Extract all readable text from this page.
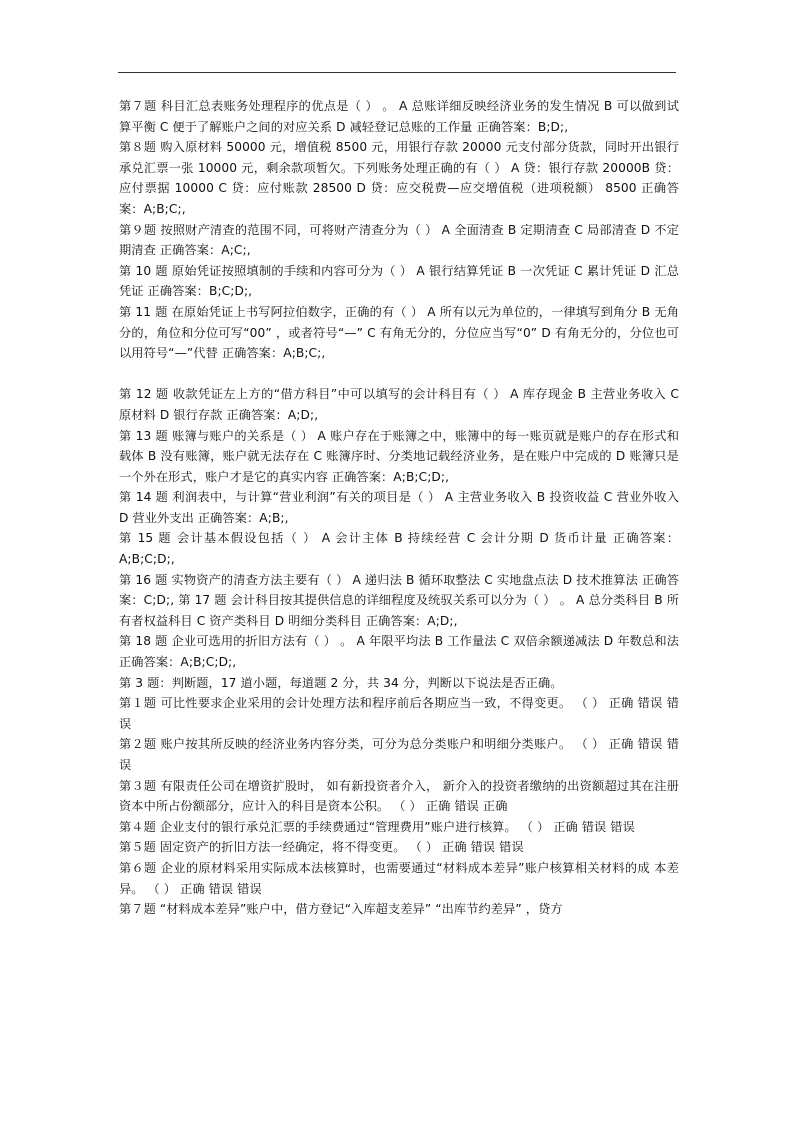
第７题 科目汇总表账务处理程序的优点是（ ） 。 A 总账详细反映经济业务的发生情况 B 可以做到试算平衡 C 便于了解账户之间的对应关系 D 减轻登记总账的工作量 正确答案：B;D;,

第８题 购入原材料 50000 元，增值税 8500 元，用银行存款 20000 元支付部分货款，同时开出银行 承兑汇票一张 10000 元，剩余款项暂欠。下列账务处理正确的有（ ） A 贷：银行存款 20000B 贷：应付票据 10000 C 贷：应付账款 28500 D 贷：应交税费—应交增值税（进项税额） 8500 正确答案：A;B;C;,

第９题 按照财产清查的范围不同，可将财产清查分为（ ） A 全面清查 B 定期清查 C 局部清查 D 不定期清查 正确答案：A;C;,

第 10 题 原始凭证按照填制的手续和内容可分为（ ） A 银行结算凭证 B 一次凭证 C 累计凭证 D 汇总凭证 正确答案：B;C;D;,

第 11 题 在原始凭证上书写阿拉伯数字，正确的有（ ） A 所有以元为单位的，一律填写到角分 B 无角分的，角位和分位可写“00” ，或者符号“—” C 有角无分的，分位应当写“0” D 有角无分的，分位也可以用符号“—”代替 正确答案：A;B;C;,

第 12 题 收款凭证左上方的“借方科目”中可以填写的会计科目有（ ） A 库存现金 B 主营业务收入 C 原材料 D 银行存款 正确答案：A;D;,

第 13 题 账簿与账户的关系是（ ） A 账户存在于账簿之中，账簿中的每一账页就是账户的存在形式和载体 B 没有账簿，账户就无法存在 C 账簿序时、分类地记载经济业务，是在账户中完成的 D 账簿只是一个外在形式，账户才是它的真实内容 正确答案：A;B;C;D;,

第 14 题 利润表中，与计算“营业利润”有关的项目是（ ） A 主营业务收入 B 投资收益 C 营业外收入 D 营业外支出 正确答案：A;B;,

第 15 题 会计基本假设包括（ ） A 会计主体 B 持续经营 C 会计分期 D 货币计量 正确答案：A;B;C;D;,

第 16 题 实物资产的清查方法主要有（ ） A 递归法 B 循环取整法 C 实地盘点法 D 技术推算法 正确答案：C;D;, 第 17 题 会计科目按其提供信息的详细程度及统驭关系可以分为（ ） 。 A 总分类科目 B 所有者权益科目 C 资产类科目 D 明细分类科目 正确答案：A;D;,

第 18 题 企业可选用的折旧方法有（ ） 。 A 年限平均法 B 工作量法 C 双倍余额递减法 D 年数总和法 正确答案：A;B;C;D;,

第 3 题：判断题，17 道小题，每道题 2 分，共 34 分，判断以下说法是否正确。

第１题 可比性要求企业采用的会计处理方法和程序前后各期应当一致，不得变更。 （ ） 正确 错误 错误

第２题 账户按其所反映的经济业务内容分类，可分为总分类账户和明细分类账户。 （ ） 正确 错误 错误

第３题 有限责任公司在增资扩股时， 如有新投资者介入， 新介入的投资者缴纳的出资额超过其在注册资本中所占份额部分，应计入的科目是资本公积。 （ ） 正确 错误 正确

第４题 企业支付的银行承兑汇票的手续费通过“管理费用”账户进行核算。 （ ） 正确 错误 错误

第５题 固定资产的折旧方法一经确定，将不得变更。 （ ） 正确 错误 错误

第６题 企业的原材料采用实际成本法核算时，也需要通过“材料成本差异”账户核算相关材料的成 本差异。 （ ） 正确 错误 错误

第７题 “材料成本差异”账户中，借方登记“入库超支差异” “出库节约差异” ，贷方
